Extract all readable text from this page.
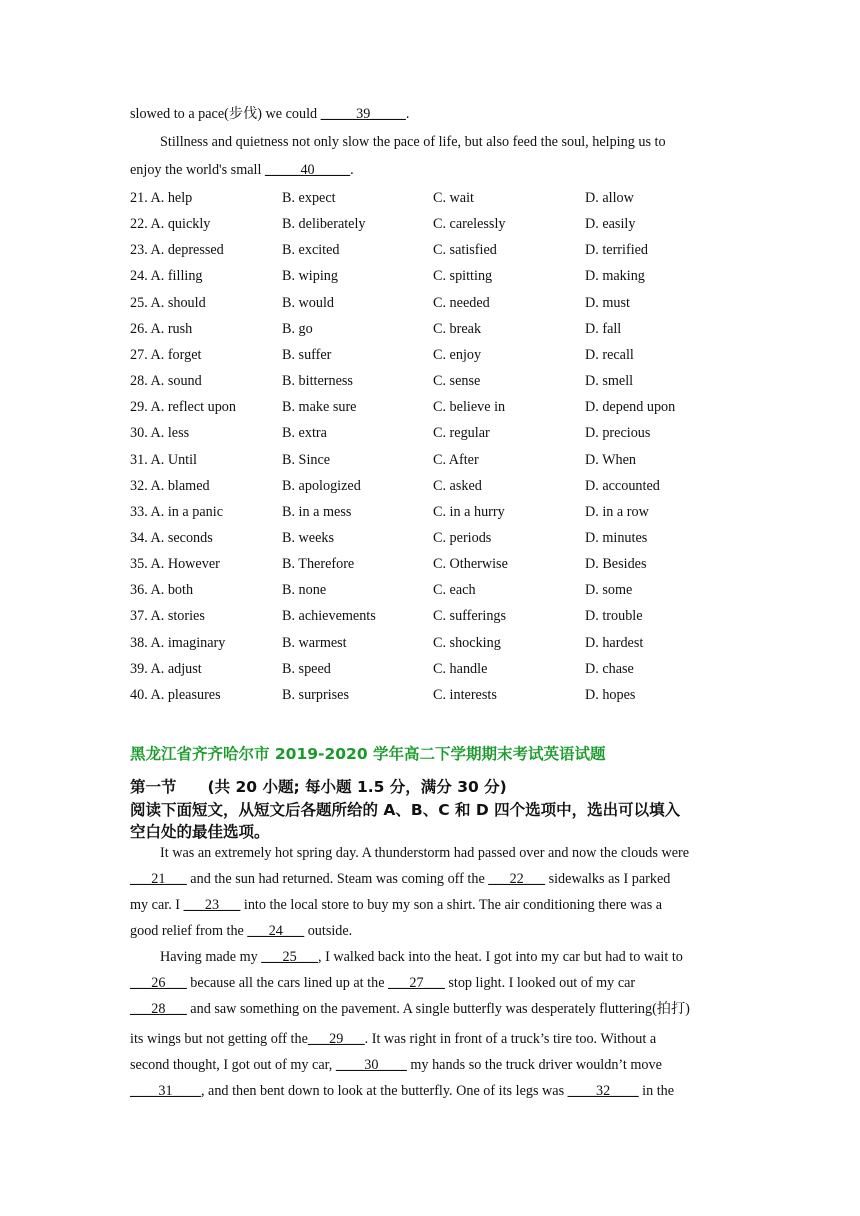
slowed to a pace(步伐) we could _____39_____.
Stillness and quietness not only slow the pace of life, but also feed the soul, helping us to
enjoy the world's small _____40_____.
21. A. help	B. expect	C. wait	D. allow
22. A. quickly	B. deliberately	C. carelessly	D. easily
23. A. depressed	B. excited	C. satisfied	D. terrified
24. A. filling	B. wiping	C. spitting	D. making
25. A. should	B. would	C. needed	D. must
26. A. rush	B. go	C. break	D. fall
27. A. forget	B. suffer	C. enjoy	D. recall
28. A. sound	B. bitterness	C. sense	D. smell
29. A. reflect upon	B. make sure	C. believe in	D. depend upon
30. A. less	B. extra	C. regular	D. precious
31. A. Until	B. Since	C. After	D. When
32. A. blamed	B. apologized	C. asked	D. accounted
33. A. in a panic	B. in a mess	C. in a hurry	D. in a row
34. A. seconds	B. weeks	C. periods	D. minutes
35. A. However	B. Therefore	C. Otherwise	D. Besides
36. A. both	B. none	C. each	D. some
37. A. stories	B. achievements	C. sufferings	D. trouble
38. A. imaginary	B. warmest	C. shocking	D. hardest
39. A. adjust	B. speed	C. handle	D. chase
40. A. pleasures	B. surprises	C. interests	D. hopes
黑龙江省齐齐哈尔市 2019-2020 学年高二下学期期末考试英语试题
第一节　　(共 20 小题; 每小题 1.5 分，满分 30 分)
阅读下面短文，从短文后各题所给的 A、B、C 和 D 四个选项中，选出可以填入
空白处的最佳选项。
It was an extremely hot spring day. A thunderstorm had passed over and now the clouds were
___21___ and the sun had returned. Steam was coming off the ___22___ sidewalks as I parked
my car. I ___23___ into the local store to buy my son a shirt. The air conditioning there was a
good relief from the ___24___ outside.
Having made my ___25___, I walked back into the heat. I got into my car but had to wait to
___26___ because all the cars lined up at the ___27___ stop light. I looked out of my car
___28___ and saw something on the pavement. A single butterfly was desperately fluttering(拍打)
its wings but not getting off the___29___. It was right in front of a truck’s tire too. Without a
second thought, I got out of my car, ____30____ my hands so the truck driver wouldn’t move
____31____, and then bent down to look at the butterfly. One of its legs was ____32____ in the
